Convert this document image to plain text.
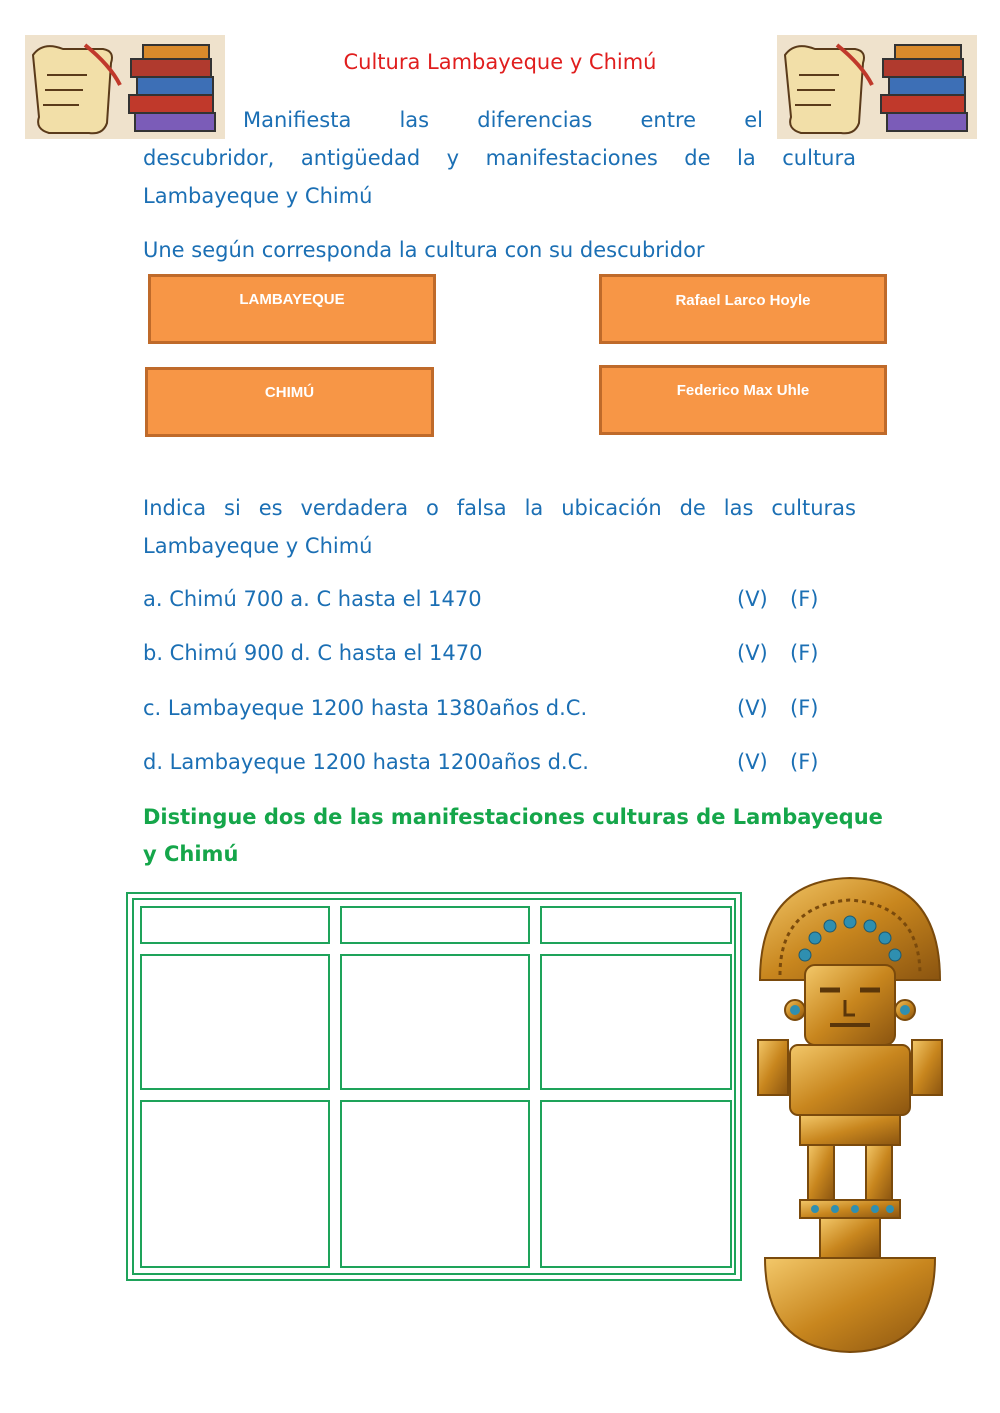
Cultura Lambayeque y Chimú
Manifiesta las diferencias entre el
descubridor, antigüedad y manifestaciones de la cultura
Lambayeque y Chimú
Une según corresponda la cultura con su descubridor
LAMBAYEQUE
CHIMÚ
Rafael Larco Hoyle
Federico Max Uhle
Indica si es verdadera o falsa la ubicación de las culturas
Lambayeque y Chimú
a. Chimú 700 a. C hasta el 1470	(V) (F)
b. Chimú 900 d. C hasta el 1470	(V) (F)
c. Lambayeque 1200 hasta 1380años d.C.	(V) (F)
d. Lambayeque 1200 hasta 1200años d.C.	(V) (F)
Distingue dos de las manifestaciones culturas de Lambayeque
y Chimú
